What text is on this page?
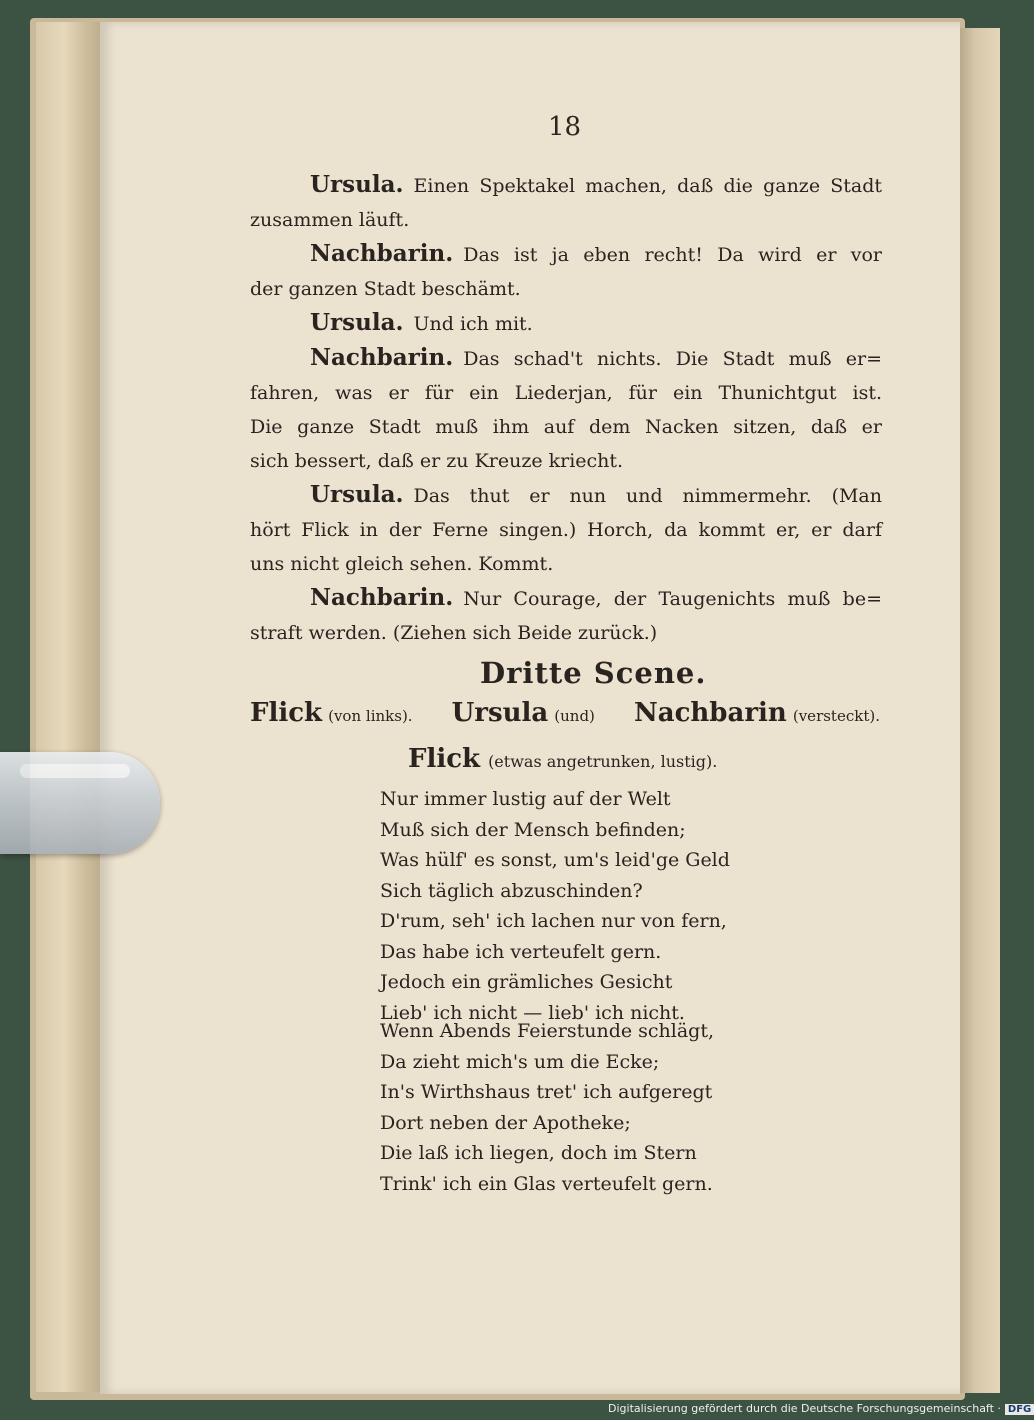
18
Ursula. Einen Spektakel machen, daß die ganze Stadt
zusammen läuft.
Nachbarin. Das ist ja eben recht! Da wird er vor
der ganzen Stadt beschämt.
Ursula. Und ich mit.
Nachbarin. Das schad't nichts. Die Stadt muß er=
fahren, was er für ein Liederjan, für ein Thunichtgut ist.
Die ganze Stadt muß ihm auf dem Nacken sitzen, daß er
sich bessert, daß er zu Kreuze kriecht.
Ursula. Das thut er nun und nimmermehr. (Man
hört Flick in der Ferne singen.) Horch, da kommt er, er darf
uns nicht gleich sehen. Kommt.
Nachbarin. Nur Courage, der Taugenichts muß be=
straft werden. (Ziehen sich Beide zurück.)
Dritte Scene.
Flick (von links). Ursula (und) Nachbarin (versteckt).
Flick (etwas angetrunken, lustig).
Nur immer lustig auf der Welt
Muß sich der Mensch befinden;
Was hülf' es sonst, um's leid'ge Geld
Sich täglich abzuschinden?
D'rum, seh' ich lachen nur von fern,
Das habe ich verteufelt gern.
Jedoch ein grämliches Gesicht
Lieb' ich nicht — lieb' ich nicht.
Wenn Abends Feierstunde schlägt,
Da zieht mich's um die Ecke;
In's Wirthshaus tret' ich aufgeregt
Dort neben der Apotheke;
Die laß ich liegen, doch im Stern
Trink' ich ein Glas verteufelt gern.
Digitalisierung gefördert durch die Deutsche Forschungsgemeinschaft · DFG
